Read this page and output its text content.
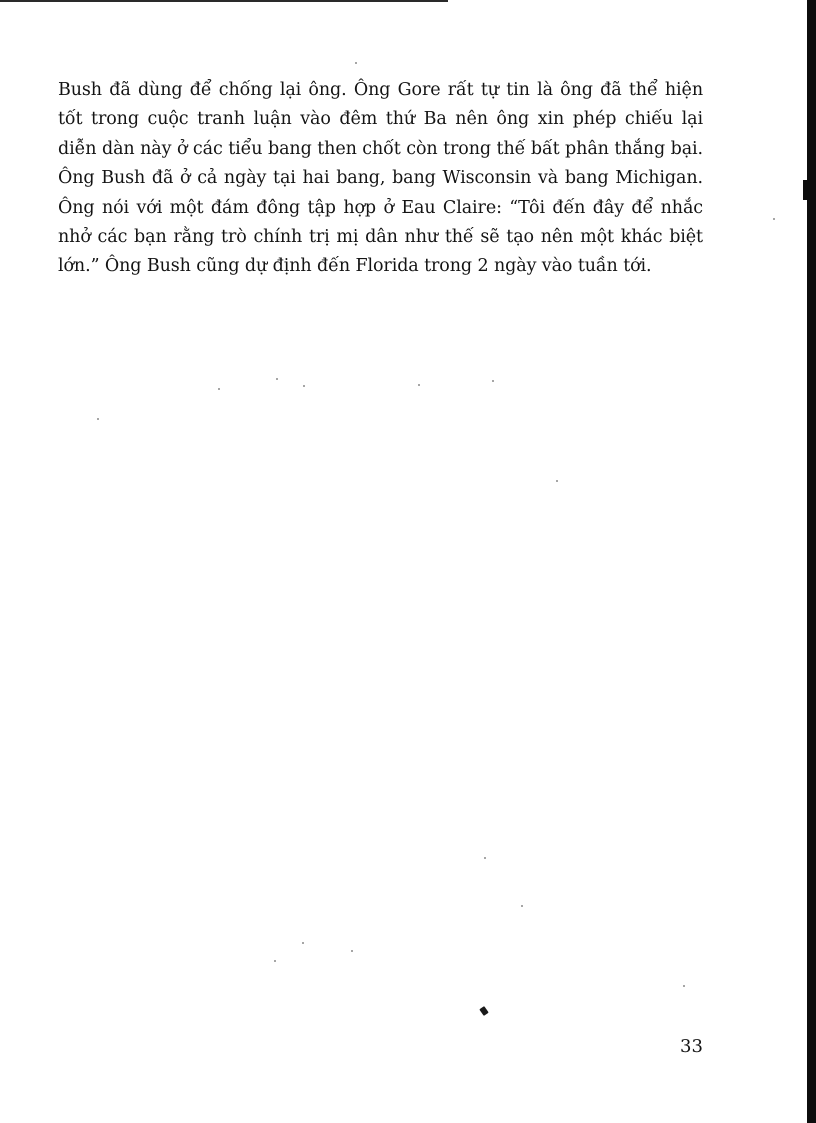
Bush đã dùng để chống lại ông. Ông Gore rất tự tin là ông đã thể hiện tốt trong cuộc tranh luận vào đêm thứ Ba nên ông xin phép chiếu lại diễn dàn này ở các tiểu bang then chốt còn trong thế bất phân thắng bại. Ông Bush đã ở cả ngày tại hai bang, bang Wisconsin và bang Michigan. Ông nói với một đám đông tập hợp ở Eau Claire: “Tôi đến đây để nhắc nhở các bạn rằng trò chính trị mị dân như thế sẽ tạo nên một khác biệt lớn.” Ông Bush cũng dự định đến Florida trong 2 ngày vào tuần tới.

33
